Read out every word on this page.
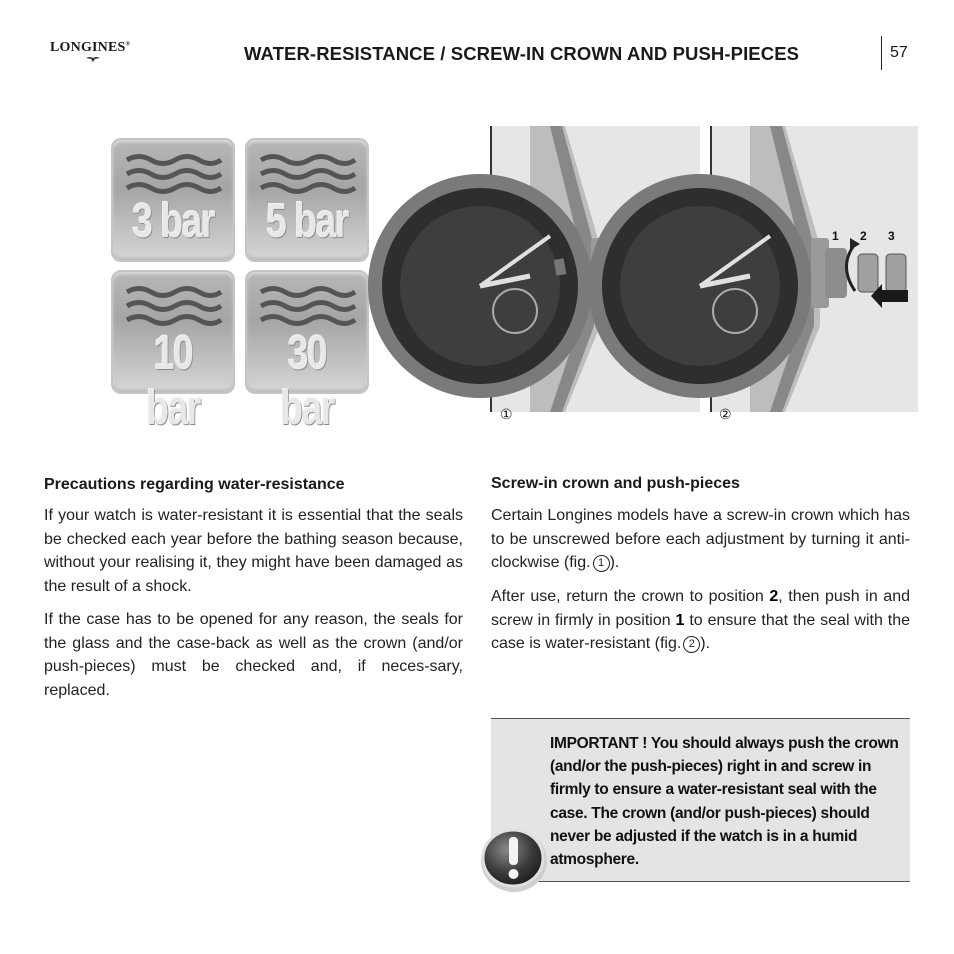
LONGINES®	WATER-RESISTANCE / SCREW-IN CROWN AND PUSH-PIECES	57
3 bar 5 bar
10 bar
30 bar	①
1 2 3
②
Precautions regarding water-resistance
If your watch is water-resistant it is essential that the seals be checked each year before the bathing season because, without your realising it, they might have been damaged as the result of a shock.
If the case has to be opened for any reason, the seals for the glass and the case-back as well as the crown (and/or push-pieces) must be checked and, if neces-sary, replaced.
Screw-in crown and push-pieces
Certain Longines models have a screw-in crown which has to be unscrewed before each adjustment by turning it anti-clockwise (fig. 1 ).
After use, return the crown to position 2, then push in and screw in firmly in position 1 to ensure that the seal with the case is water-resistant (fig. 2 ).
IMPORTANT ! You should always push the crown (and/or the push-pieces) right in and screw in firmly to ensure a water-resistant seal with the case. The crown (and/or push-pieces) should never be adjusted if the watch is in a humid atmosphere.
